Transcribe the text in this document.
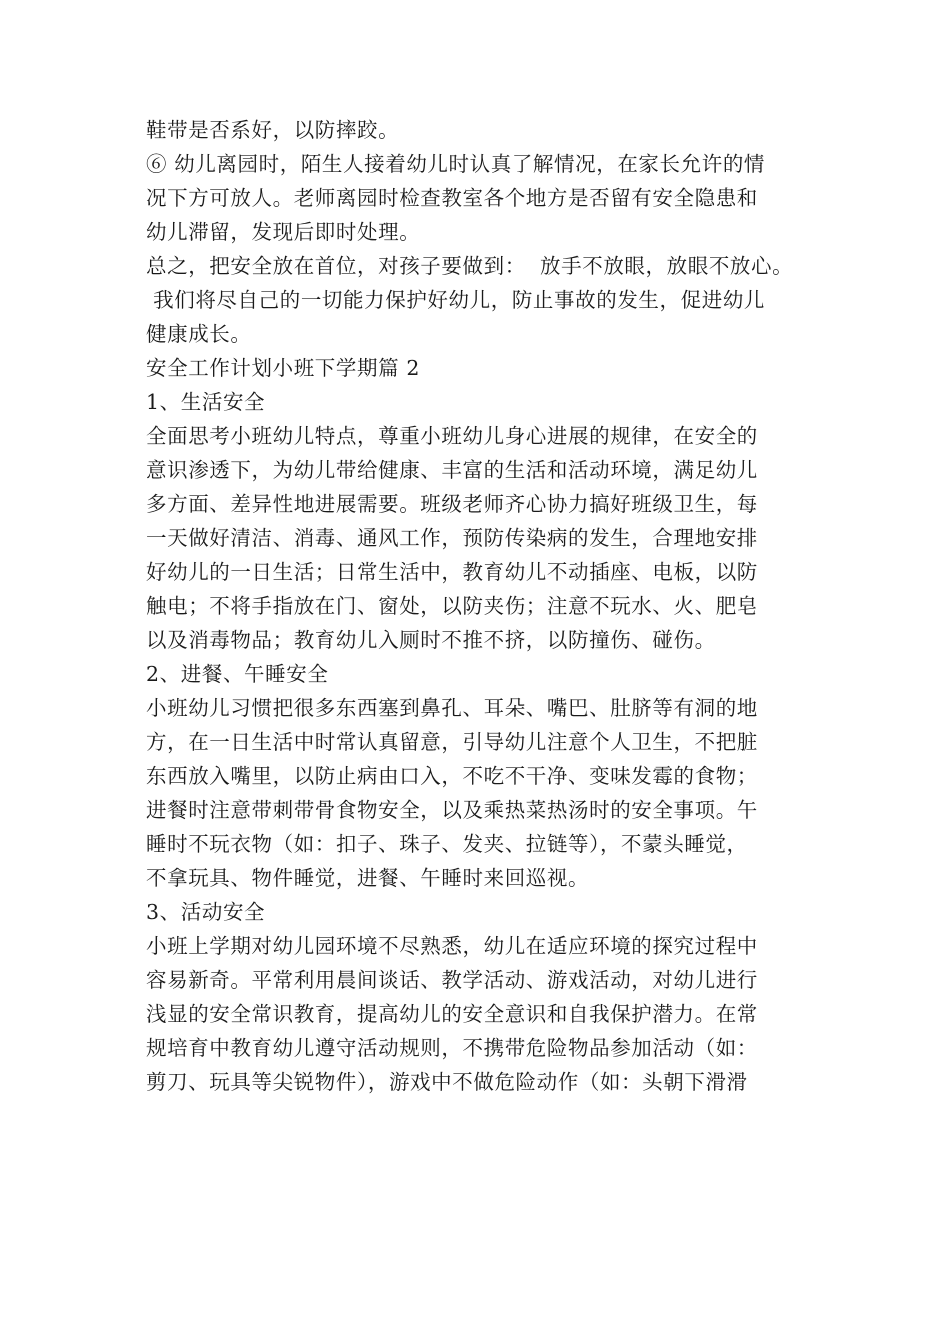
鞋带是否系好，以防摔跤。
⑥ 幼儿离园时，陌生人接着幼儿时认真了解情况，在家长允许的情
况下方可放人。老师离园时检查教室各个地方是否留有安全隐患和
幼儿滞留，发现后即时处理。
总之，把安全放在首位，对孩子要做到：  放手不放眼，放眼不放心。
我们将尽自己的一切能力保护好幼儿，防止事故的发生，促进幼儿
健康成长。
安全工作计划小班下学期篇 2
1、生活安全
全面思考小班幼儿特点，尊重小班幼儿身心进展的规律，在安全的
意识渗透下，为幼儿带给健康、丰富的生活和活动环境，满足幼儿
多方面、差异性地进展需要。班级老师齐心协力搞好班级卫生，每
一天做好清洁、消毒、通风工作，预防传染病的发生，合理地安排
好幼儿的一日生活；日常生活中，教育幼儿不动插座、电板，以防
触电；不将手指放在门、窗处，以防夹伤；注意不玩水、火、肥皂
以及消毒物品；教育幼儿入厕时不推不挤，以防撞伤、碰伤。
2、进餐、午睡安全
小班幼儿习惯把很多东西塞到鼻孔、耳朵、嘴巴、肚脐等有洞的地
方，在一日生活中时常认真留意，引导幼儿注意个人卫生，不把脏
东西放入嘴里，以防止病由口入，不吃不干净、变味发霉的食物；
进餐时注意带刺带骨食物安全，以及乘热菜热汤时的安全事项。午
睡时不玩衣物（如：扣子、珠子、发夹、拉链等），不蒙头睡觉，
不拿玩具、物件睡觉，进餐、午睡时来回巡视。
3、活动安全
小班上学期对幼儿园环境不尽熟悉，幼儿在适应环境的探究过程中
容易新奇。平常利用晨间谈话、教学活动、游戏活动，对幼儿进行
浅显的安全常识教育，提高幼儿的安全意识和自我保护潜力。在常
规培育中教育幼儿遵守活动规则，不携带危险物品参加活动（如：
剪刀、玩具等尖锐物件），游戏中不做危险动作（如：头朝下滑滑
